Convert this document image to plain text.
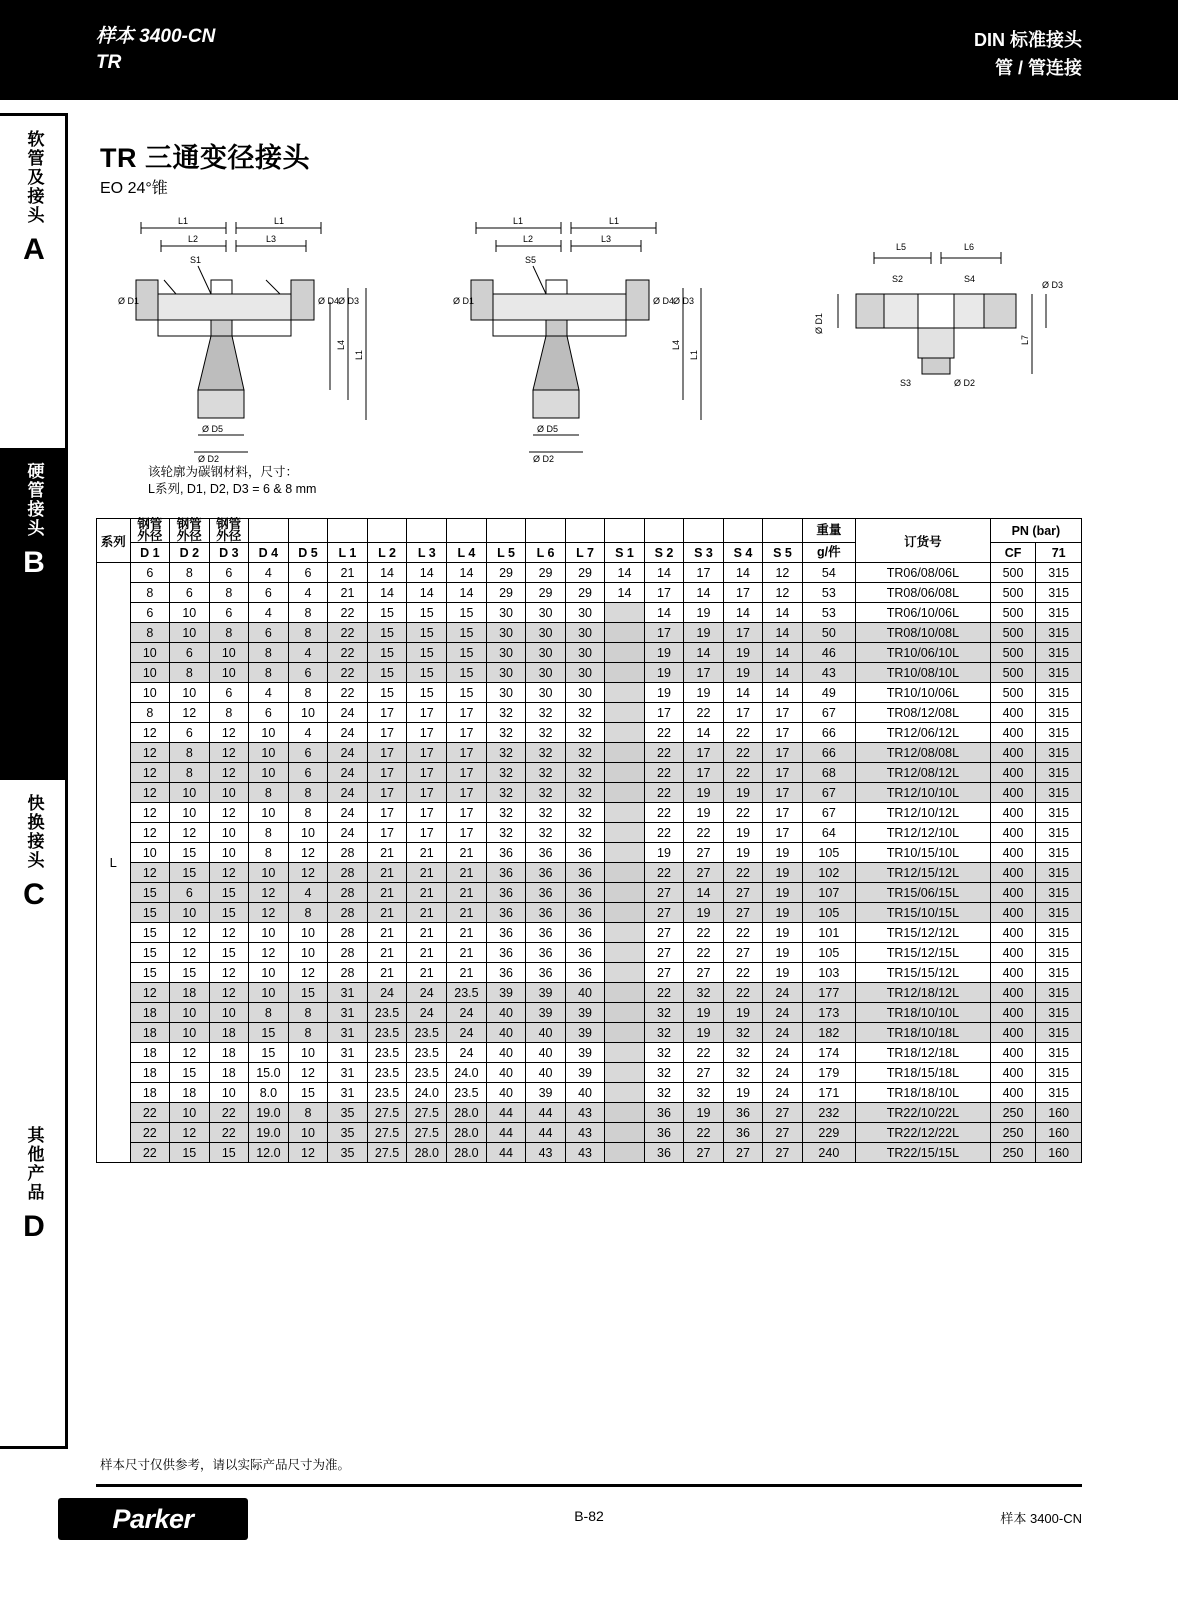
样本 3400-CN
TR
DIN 标准接头
管 / 管连接
软管及接头
A
硬管接头
B
快换接头
C
其他产品
D
TR 三通变径接头
EO 24°锥
L1	L1
L2	L3
S1
Ø D1	Ø D4
Ø D3
L4
L1
Ø D5
Ø D2
L1	L1
L2	L3
S5
Ø D1	Ø D4
Ø D3
L4
L1
Ø D5
Ø D2
L5	L6
S2	S4
Ø D3
Ø D1
L7
S3	Ø D2
该轮廓为碳钢材料，尺寸：
L系列, D1, D2, D3 = 6 & 8 mm
系列	钢管
外径	钢管
外径	钢管
外径															重量	订货号	PN (bar)	
	D 1	D 2	D 3	D 4	D 5	L 1	L 2	L 3	L 4	L 5	L 6	L 7	S 1	S 2	S 3	S 4	S 5	g/件		CF	71
L	6	8	6	4	6	21	14	14	14	29	29	29	14	14	17	14	12	54	TR06/08/06L	500	315
	8	6	8	6	4	21	14	14	14	29	29	29	14	17	14	17	12	53	TR08/06/08L	500	315
	6	10	6	4	8	22	15	15	15	30	30	30		14	19	14	14	53	TR06/10/06L	500	315
	8	10	8	6	8	22	15	15	15	30	30	30		17	19	17	14	50	TR08/10/08L	500	315
	10	6	10	8	4	22	15	15	15	30	30	30		19	14	19	14	46	TR10/06/10L	500	315
	10	8	10	8	6	22	15	15	15	30	30	30		19	17	19	14	43	TR10/08/10L	500	315
	10	10	6	4	8	22	15	15	15	30	30	30		19	19	14	14	49	TR10/10/06L	500	315
	8	12	8	6	10	24	17	17	17	32	32	32		17	22	17	17	67	TR08/12/08L	400	315
	12	6	12	10	4	24	17	17	17	32	32	32		22	14	22	17	66	TR12/06/12L	400	315
	12	8	12	10	6	24	17	17	17	32	32	32		22	17	22	17	66	TR12/08/08L	400	315
	12	8	12	10	6	24	17	17	17	32	32	32		22	17	22	17	68	TR12/08/12L	400	315
	12	10	10	8	8	24	17	17	17	32	32	32		22	19	19	17	67	TR12/10/10L	400	315
	12	10	12	10	8	24	17	17	17	32	32	32		22	19	22	17	67	TR12/10/12L	400	315
	12	12	10	8	10	24	17	17	17	32	32	32		22	22	19	17	64	TR12/12/10L	400	315
	10	15	10	8	12	28	21	21	21	36	36	36		19	27	19	19	105	TR10/15/10L	400	315
	12	15	12	10	12	28	21	21	21	36	36	36		22	27	22	19	102	TR12/15/12L	400	315
	15	6	15	12	4	28	21	21	21	36	36	36		27	14	27	19	107	TR15/06/15L	400	315
	15	10	15	12	8	28	21	21	21	36	36	36		27	19	27	19	105	TR15/10/15L	400	315
	15	12	12	10	10	28	21	21	21	36	36	36		27	22	22	19	101	TR15/12/12L	400	315
	15	12	15	12	10	28	21	21	21	36	36	36		27	22	27	19	105	TR15/12/15L	400	315
	15	15	12	10	12	28	21	21	21	36	36	36		27	27	22	19	103	TR15/15/12L	400	315
	12	18	12	10	15	31	24	24	23.5	39	39	40		22	32	22	24	177	TR12/18/12L	400	315
	18	10	10	8	8	31	23.5	24	24	40	39	39		32	19	19	24	173	TR18/10/10L	400	315
	18	10	18	15	8	31	23.5	23.5	24	40	40	39		32	19	32	24	182	TR18/10/18L	400	315
	18	12	18	15	10	31	23.5	23.5	24	40	40	39		32	22	32	24	174	TR18/12/18L	400	315
	18	15	18	15.0	12	31	23.5	23.5	24.0	40	40	39		32	27	32	24	179	TR18/15/18L	400	315
	18	18	10	8.0	15	31	23.5	24.0	23.5	40	39	40		32	32	19	24	171	TR18/18/10L	400	315
	22	10	22	19.0	8	35	27.5	27.5	28.0	44	44	43		36	19	36	27	232	TR22/10/22L	250	160
	22	12	22	19.0	10	35	27.5	27.5	28.0	44	44	43		36	22	36	27	229	TR22/12/22L	250	160
	22	15	15	12.0	12	35	27.5	28.0	28.0	44	43	43		36	27	27	27	240	TR22/15/15L	250	160
样本尺寸仅供参考，请以实际产品尺寸为准。
Parker	B-82	样本 3400-CN
